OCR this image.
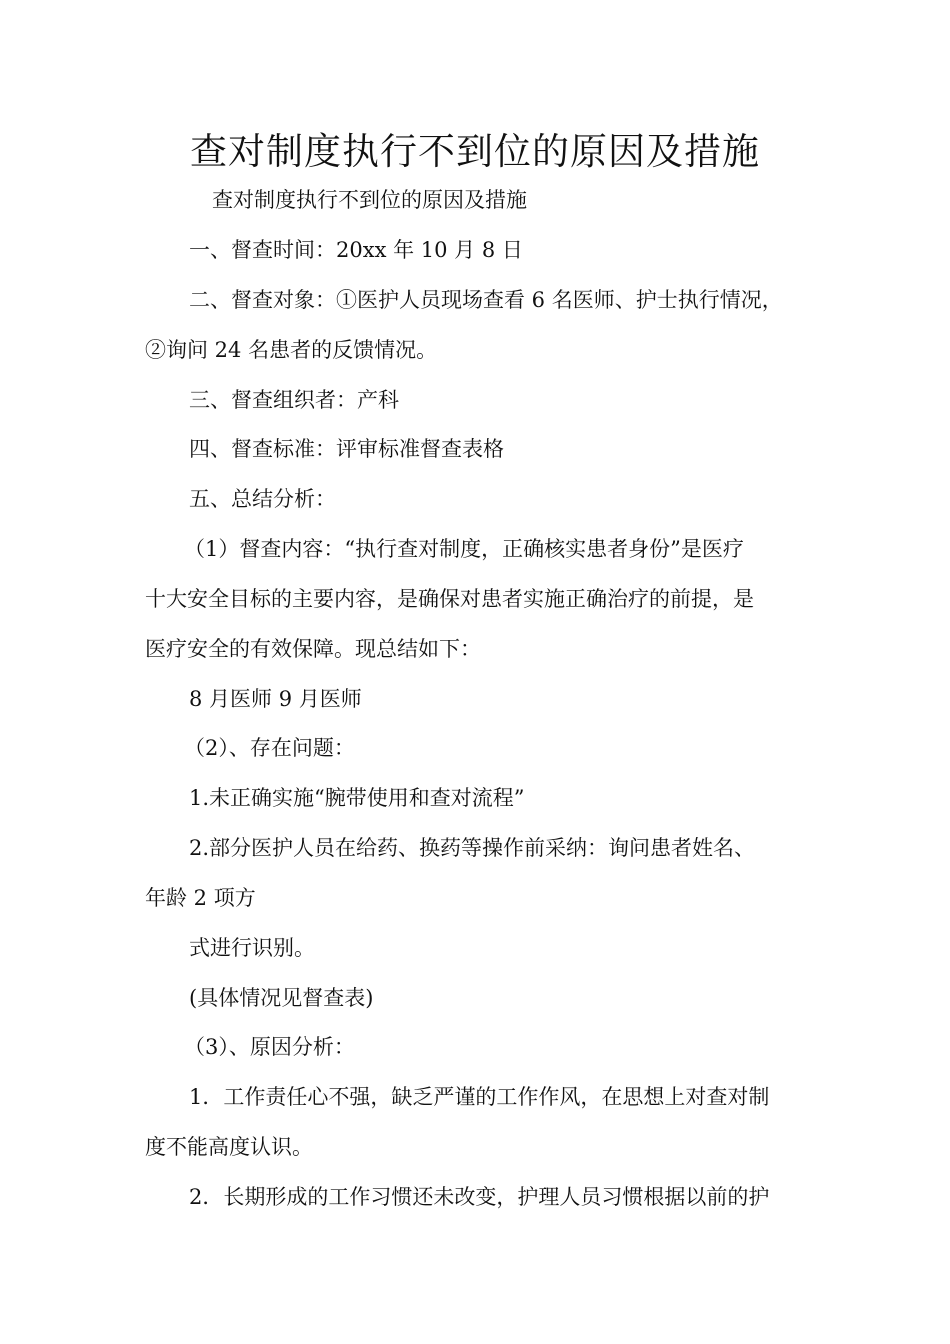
查对制度执行不到位的原因及措施

查对制度执行不到位的原因及措施

一、督查时间：20xx 年 10 月 8 日

二、督查对象：①医护人员现场查看 6 名医师、护士执行情况，

②询问 24 名患者的反馈情况。

三、督查组织者：产科

四、督查标准：评审标准督查表格

五、总结分析：

（1）督查内容：“执行查对制度，正确核实患者身份”是医疗

十大安全目标的主要内容，是确保对患者实施正确治疗的前提，是

医疗安全的有效保障。现总结如下：

8 月医师 9 月医师

（2）、存在问题：

1.未正确实施“腕带使用和查对流程”

2.部分医护人员在给药、换药等操作前采纳：询问患者姓名、

年龄 2 项方

式进行识别。

(具体情况见督查表)

（3）、原因分析：

1．工作责任心不强，缺乏严谨的工作作风，在思想上对查对制

度不能高度认识。

2．长期形成的工作习惯还未改变，护理人员习惯根据以前的护
